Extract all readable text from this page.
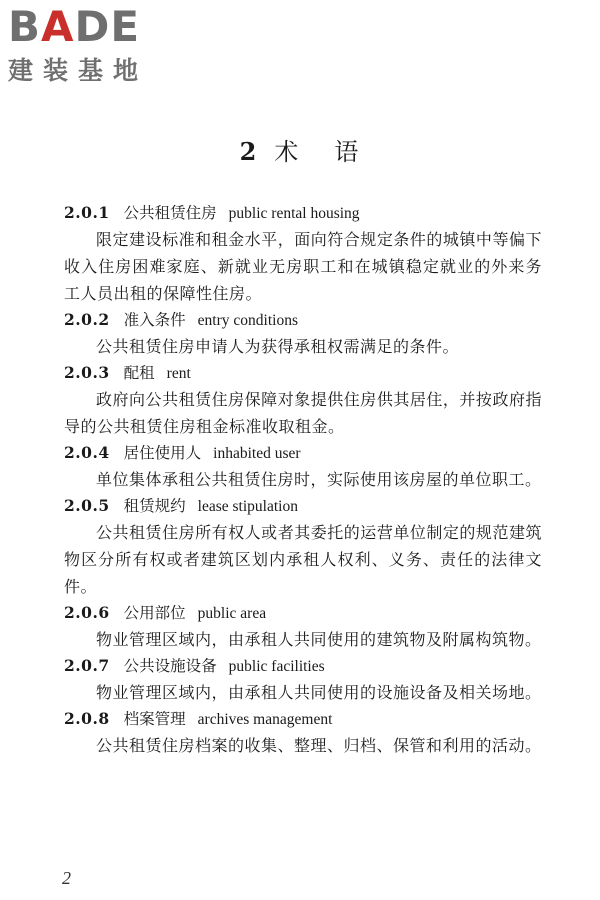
BADE
建装基地
2 术 语
2.0.1 公共租赁住房 public rental housing

限定建设标准和租金水平，面向符合规定条件的城镇中等偏下收入住房困难家庭、新就业无房职工和在城镇稳定就业的外来务工人员出租的保障性住房。

2.0.2 准入条件 entry conditions

公共租赁住房申请人为获得承租权需满足的条件。

2.0.3 配租 rent

政府向公共租赁住房保障对象提供住房供其居住，并按政府指导的公共租赁住房租金标准收取租金。

2.0.4 居住使用人 inhabited user

单位集体承租公共租赁住房时，实际使用该房屋的单位职工。

2.0.5 租赁规约 lease stipulation

公共租赁住房所有权人或者其委托的运营单位制定的规范建筑物区分所有权或者建筑区划内承租人权利、义务、责任的法律文件。

2.0.6 公用部位 public area

物业管理区域内，由承租人共同使用的建筑物及附属构筑物。

2.0.7 公共设施设备 public facilities

物业管理区域内，由承租人共同使用的设施设备及相关场地。

2.0.8 档案管理 archives management

公共租赁住房档案的收集、整理、归档、保管和利用的活动。

2
